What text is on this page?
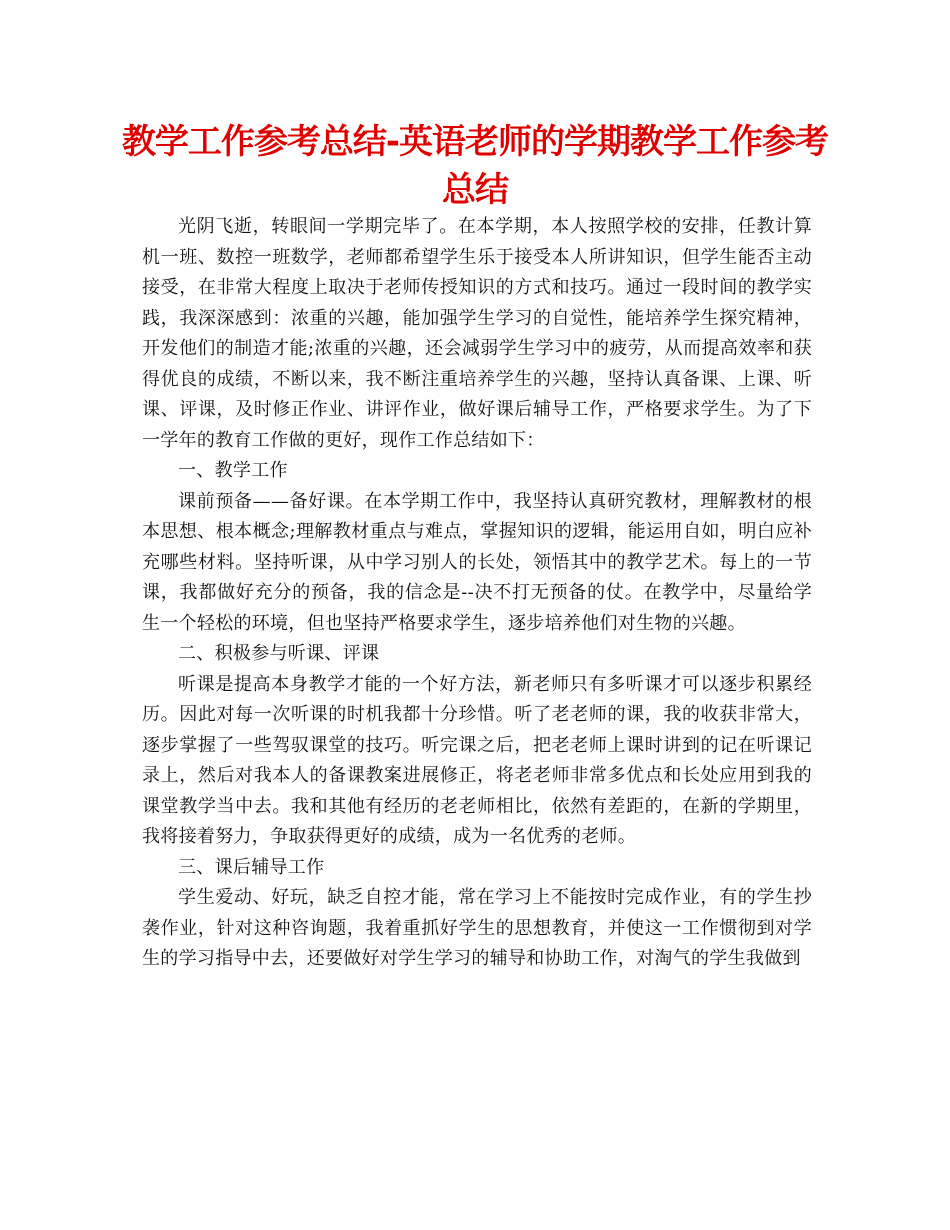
教学工作参考总结-英语老师的学期教学工作参考总结

光阴飞逝，转眼间一学期完毕了。在本学期，本人按照学校的安排，任教计算机一班、数控一班数学，老师都希望学生乐于接受本人所讲知识，但学生能否主动接受，在非常大程度上取决于老师传授知识的方式和技巧。通过一段时间的教学实践，我深深感到：浓重的兴趣，能加强学生学习的自觉性，能培养学生探究精神，开发他们的制造才能;浓重的兴趣，还会减弱学生学习中的疲劳，从而提高效率和获得优良的成绩，不断以来，我不断注重培养学生的兴趣，坚持认真备课、上课、听课、评课，及时修正作业、讲评作业，做好课后辅导工作，严格要求学生。为了下一学年的教育工作做的更好，现作工作总结如下：

一、教学工作

课前预备——备好课。在本学期工作中，我坚持认真研究教材，理解教材的根本思想、根本概念;理解教材重点与难点，掌握知识的逻辑，能运用自如，明白应补充哪些材料。坚持听课，从中学习别人的长处，领悟其中的教学艺术。每上的一节课，我都做好充分的预备，我的信念是--决不打无预备的仗。在教学中，尽量给学生一个轻松的环境，但也坚持严格要求学生，逐步培养他们对生物的兴趣。

二、积极参与听课、评课

听课是提高本身教学才能的一个好方法，新老师只有多听课才可以逐步积累经历。因此对每一次听课的时机我都十分珍惜。听了老老师的课，我的收获非常大，逐步掌握了一些驾驭课堂的技巧。听完课之后，把老老师上课时讲到的记在听课记录上，然后对我本人的备课教案进展修正，将老老师非常多优点和长处应用到我的课堂教学当中去。我和其他有经历的老老师相比，依然有差距的，在新的学期里，我将接着努力，争取获得更好的成绩，成为一名优秀的老师。

三、课后辅导工作

学生爱动、好玩，缺乏自控才能，常在学习上不能按时完成作业，有的学生抄袭作业，针对这种咨询题，我着重抓好学生的思想教育，并使这一工作惯彻到对学生的学习指导中去，还要做好对学生学习的辅导和协助工作，对淘气的学生我做到
